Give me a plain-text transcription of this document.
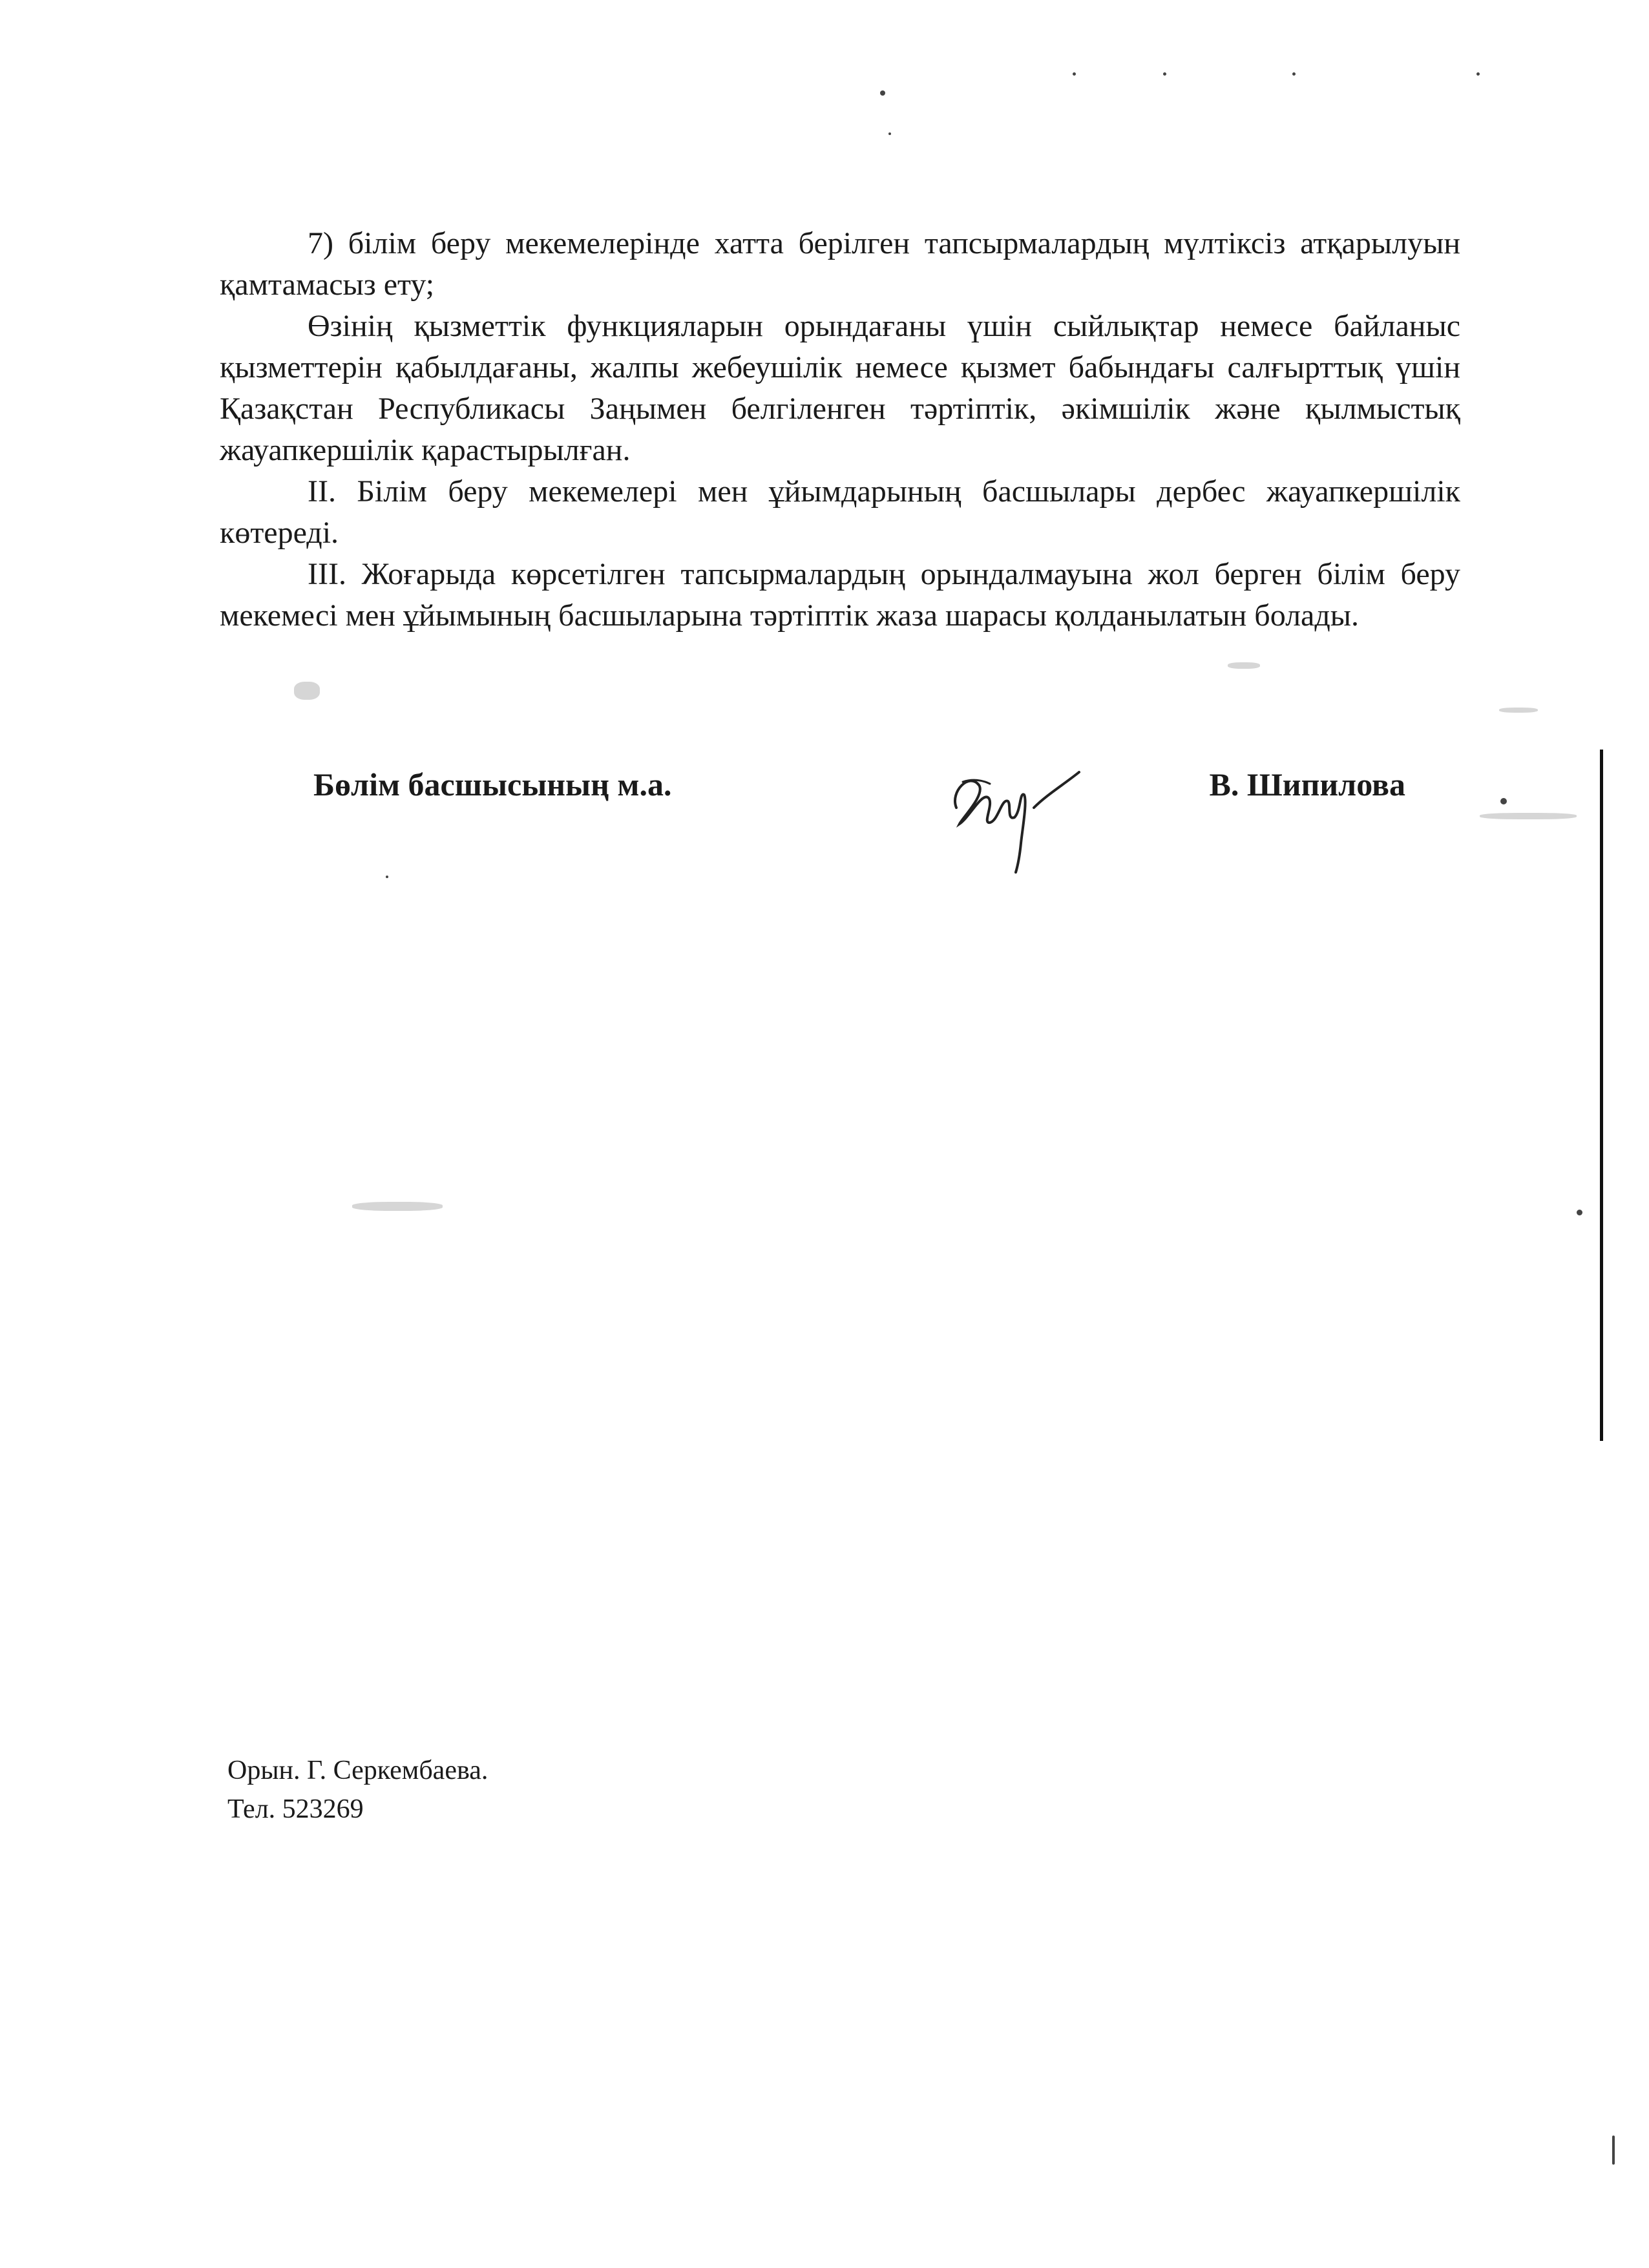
7) білім беру мекемелерінде хатта берілген тапсырмалардың мүлтіксіз атқарылуын қамтамасыз ету;

Өзінің қызметтік функцияларын орындағаны үшін сыйлықтар немесе байланыс қызметтерін қабылдағаны, жалпы жебеушілік немесе қызмет бабындағы салғырттық үшін Қазақстан Республикасы Заңымен белгіленген тәртіптік, әкімшілік және қылмыстық жауапкершілік қарастырылған.

ІІ. Білім беру мекемелері мен ұйымдарының басшылары дербес жауапкершілік көтереді.

ІІІ. Жоғарыда көрсетілген тапсырмалардың орындалмауына жол берген білім беру мекемесі мен ұйымының басшыларына тәртіптік жаза шарасы қолданылатын болады.

Бөлім басшысының м.а.	В. Шипилова
Орын. Г. Серкембаева.
Тел. 523269
